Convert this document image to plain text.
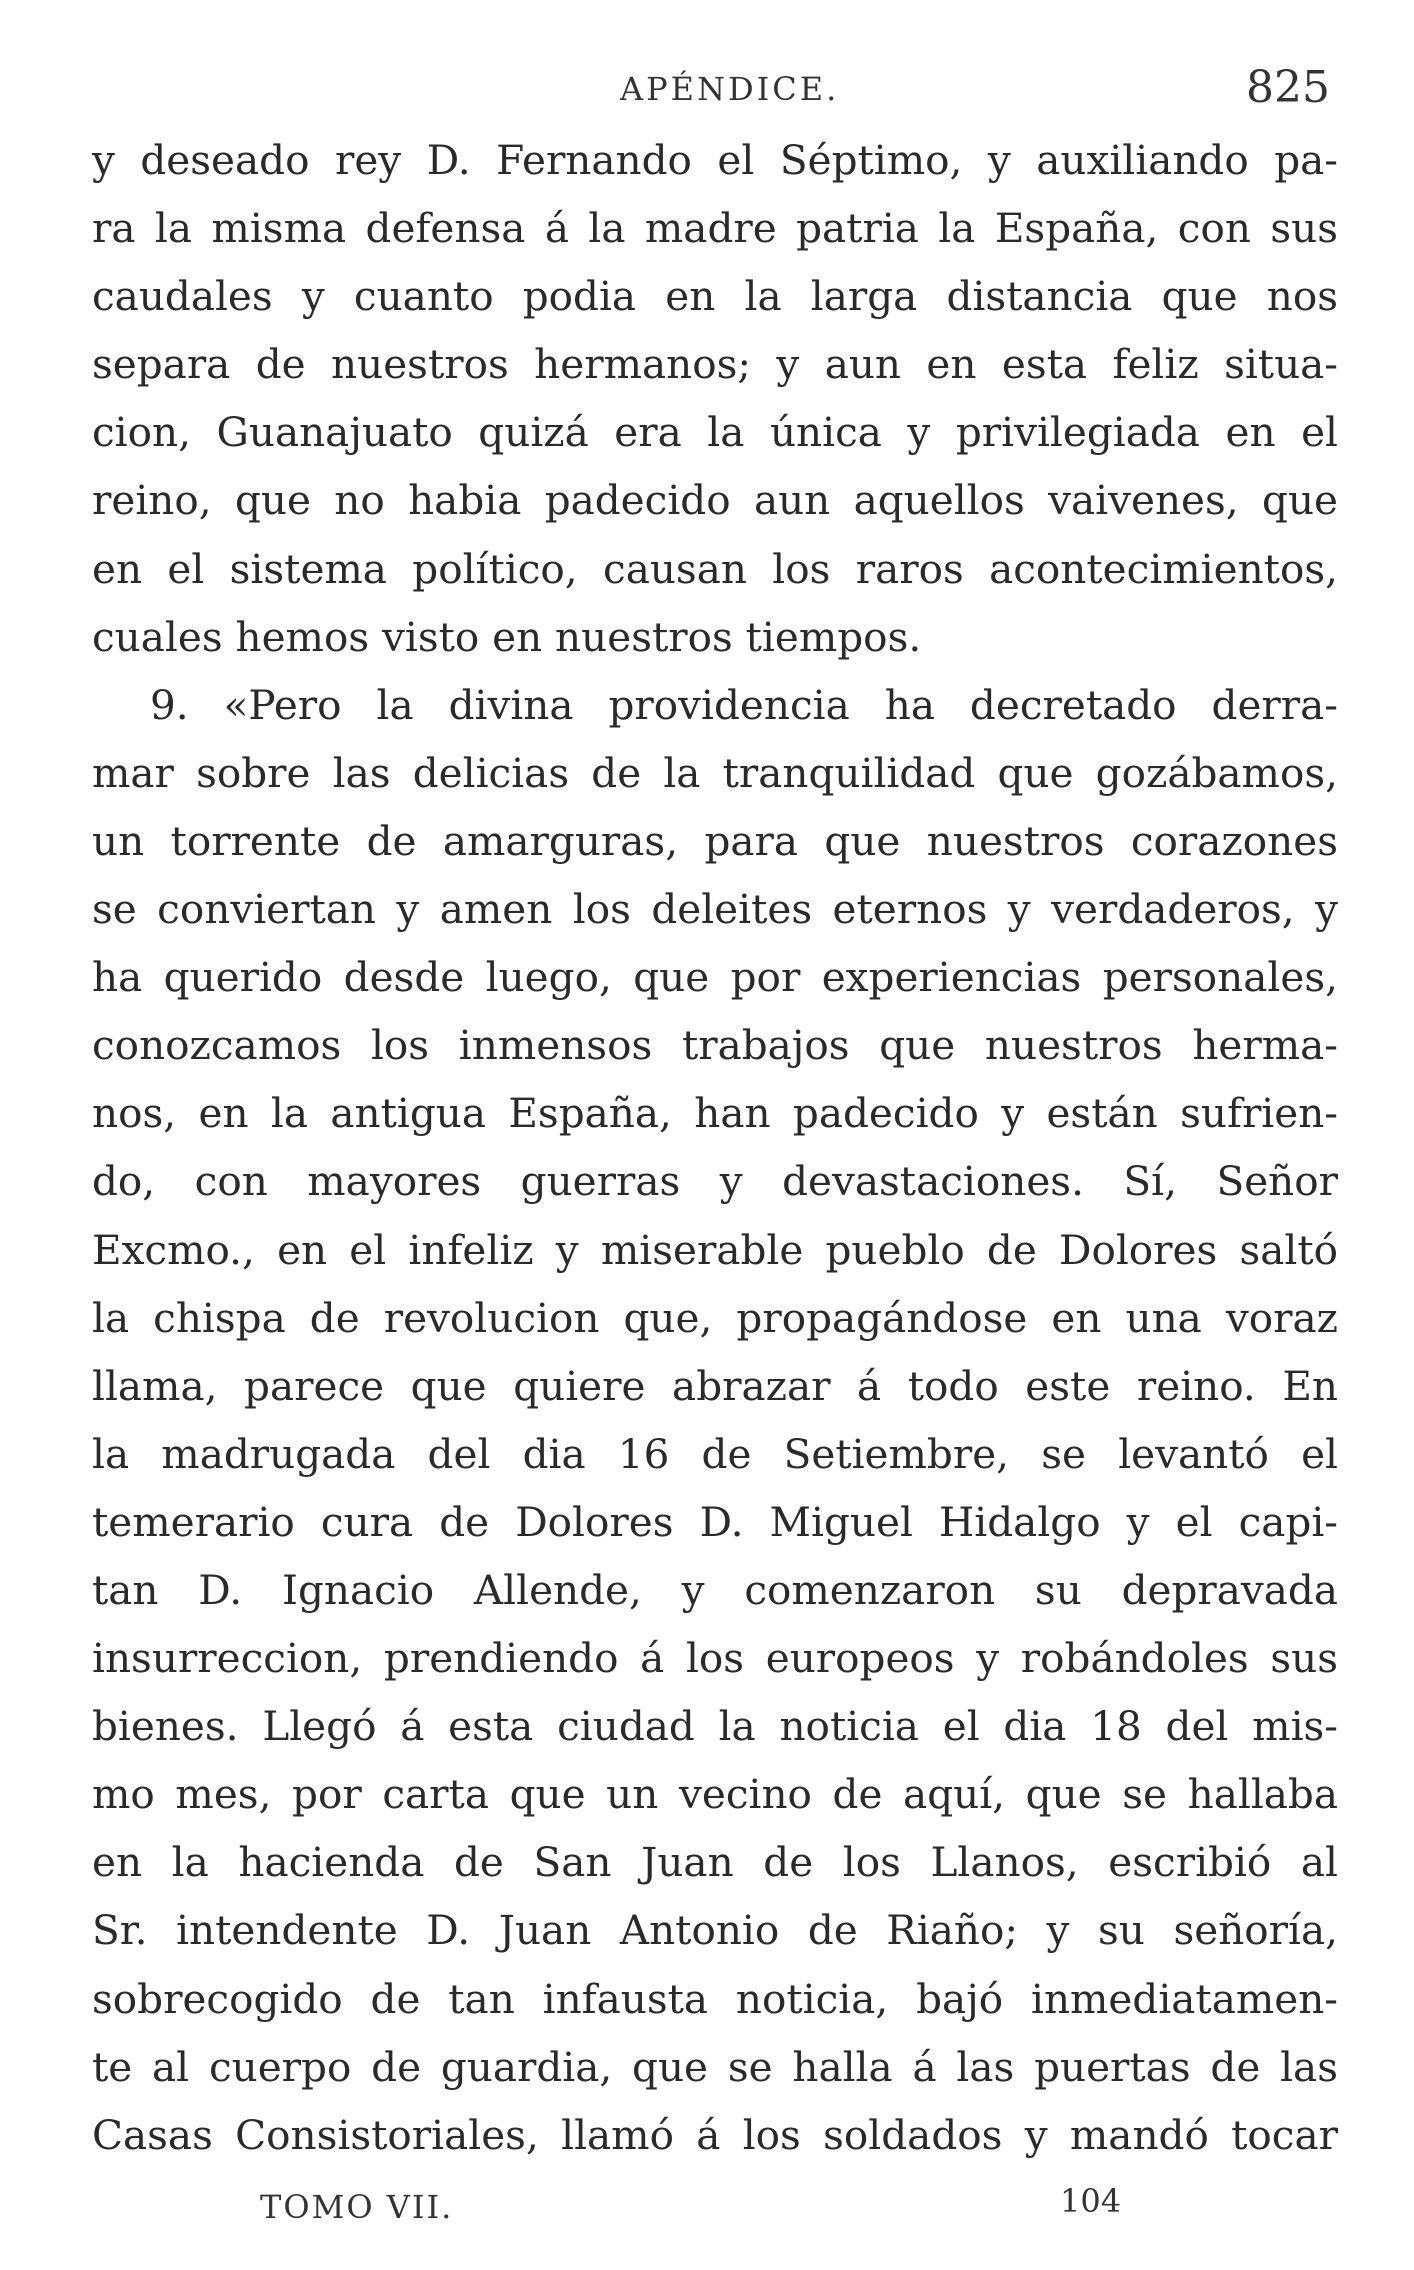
APÉNDICE.	825
y deseado rey D. Fernando el Séptimo, y auxiliando pa-
ra la misma defensa á la madre patria la España, con sus
caudales y cuanto podia en la larga distancia que nos
separa de nuestros hermanos; y aun en esta feliz situa-
cion, Guanajuato quizá era la única y privilegiada en el
reino, que no habia padecido aun aquellos vaivenes, que
en el sistema político, causan los raros acontecimientos,
cuales hemos visto en nuestros tiempos.
9. «Pero la divina providencia ha decretado derra-
mar sobre las delicias de la tranquilidad que gozábamos,
un torrente de amarguras, para que nuestros corazones
se conviertan y amen los deleites eternos y verdaderos, y
ha querido desde luego, que por experiencias personales,
conozcamos los inmensos trabajos que nuestros herma-
nos, en la antigua España, han padecido y están sufrien-
do, con mayores guerras y devastaciones. Sí, Señor
Excmo., en el infeliz y miserable pueblo de Dolores saltó
la chispa de revolucion que, propagándose en una voraz
llama, parece que quiere abrazar á todo este reino. En
la madrugada del dia 16 de Setiembre, se levantó el
temerario cura de Dolores D. Miguel Hidalgo y el capi-
tan D. Ignacio Allende, y comenzaron su depravada
insurreccion, prendiendo á los europeos y robándoles sus
bienes. Llegó á esta ciudad la noticia el dia 18 del mis-
mo mes, por carta que un vecino de aquí, que se hallaba
en la hacienda de San Juan de los Llanos, escribió al
Sr. intendente D. Juan Antonio de Riaño; y su señoría,
sobrecogido de tan infausta noticia, bajó inmediatamen-
te al cuerpo de guardia, que se halla á las puertas de las
Casas Consistoriales, llamó á los soldados y mandó tocar
TOMO VII.	104
